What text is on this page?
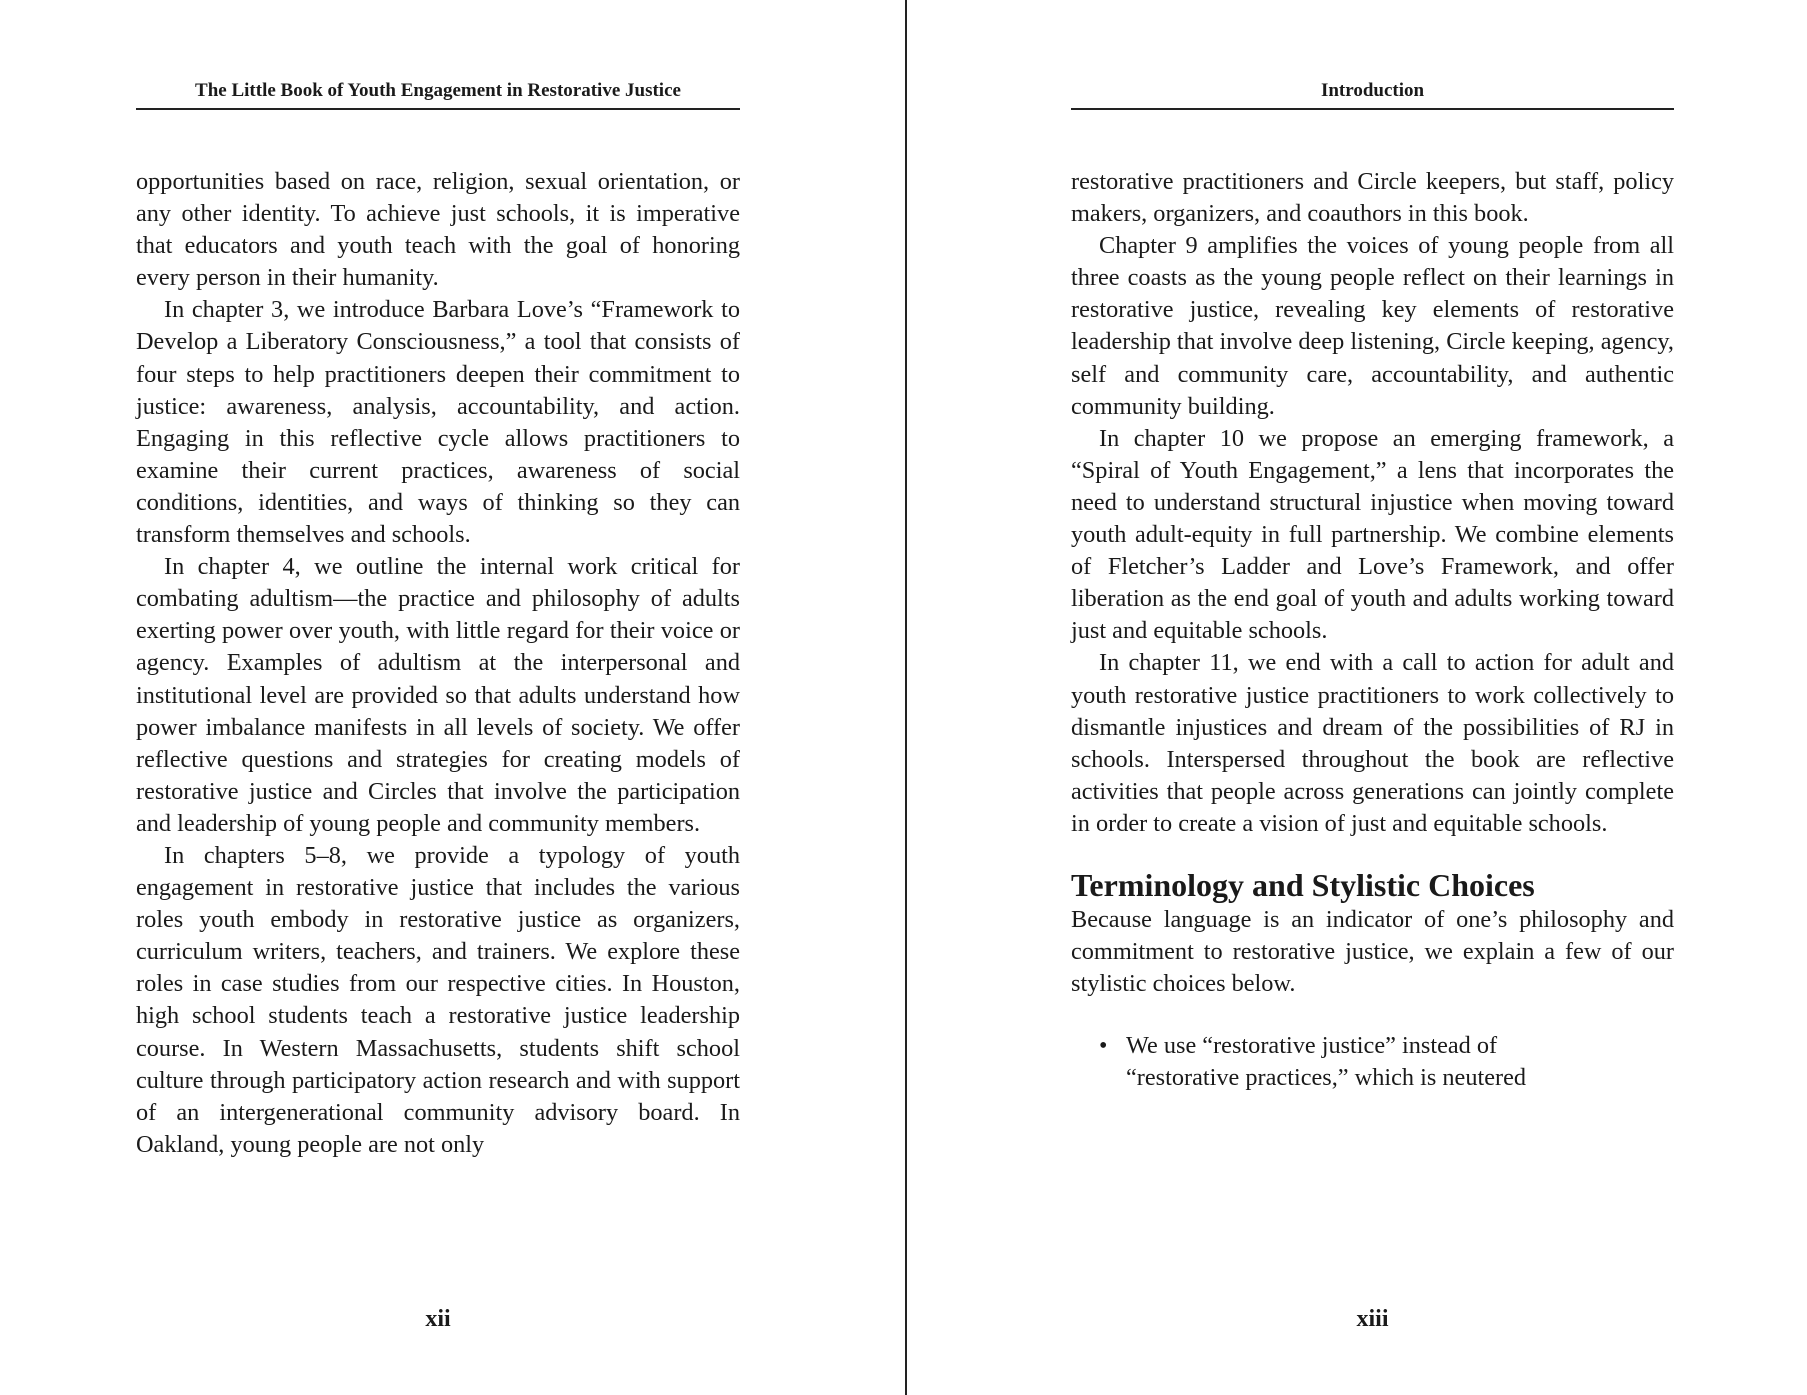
The Little Book of Youth Engagement in Restorative Justice

opportunities based on race, religion, sexual orientation, or any other identity. To achieve just schools, it is imperative that educators and youth teach with the goal of honoring every person in their humanity.

In chapter 3, we introduce Barbara Love’s “Framework to Develop a Liberatory Consciousness,” a tool that consists of four steps to help practitioners deepen their commitment to justice: awareness, analysis, accountability, and action. Engaging in this reflective cycle allows practitioners to examine their current practices, awareness of social conditions, identities, and ways of thinking so they can transform themselves and schools.

In chapter 4, we outline the internal work critical for combating adultism—the practice and philosophy of adults exerting power over youth, with little regard for their voice or agency. Examples of adultism at the interpersonal and institutional level are provided so that adults understand how power imbalance manifests in all levels of society. We offer reflective questions and strategies for creating models of restorative justice and Circles that involve the participation and leadership of young people and community members.

In chapters 5–8, we provide a typology of youth engagement in restorative justice that includes the various roles youth embody in restorative justice as organizers, curriculum writers, teachers, and trainers. We explore these roles in case studies from our respective cities. In Houston, high school students teach a restorative justice leadership course. In Western Massachusetts, students shift school culture through participatory action research and with support of an intergenerational community advisory board. In Oakland, young people are not only

xii
Introduction

restorative practitioners and Circle keepers, but staff, policy makers, organizers, and coauthors in this book.

Chapter 9 amplifies the voices of young people from all three coasts as the young people reflect on their learnings in restorative justice, revealing key elements of restorative leadership that involve deep listening, Circle keeping, agency, self and community care, accountability, and authentic community building.

In chapter 10 we propose an emerging framework, a “Spiral of Youth Engagement,” a lens that incorporates the need to understand structural injustice when moving toward youth adult-equity in full partnership. We combine elements of Fletcher’s Ladder and Love’s Framework, and offer liberation as the end goal of youth and adults working toward just and equitable schools.

In chapter 11, we end with a call to action for adult and youth restorative justice practitioners to work collectively to dismantle injustices and dream of the possibilities of RJ in schools. Interspersed throughout the book are reflective activities that people across generations can jointly complete in order to create a vision of just and equitable schools.

Terminology and Stylistic Choices

Because language is an indicator of one’s philosophy and commitment to restorative justice, we explain a few of our stylistic choices below.

• We use “restorative justice” instead of “restorative practices,” which is neutered
xiii
